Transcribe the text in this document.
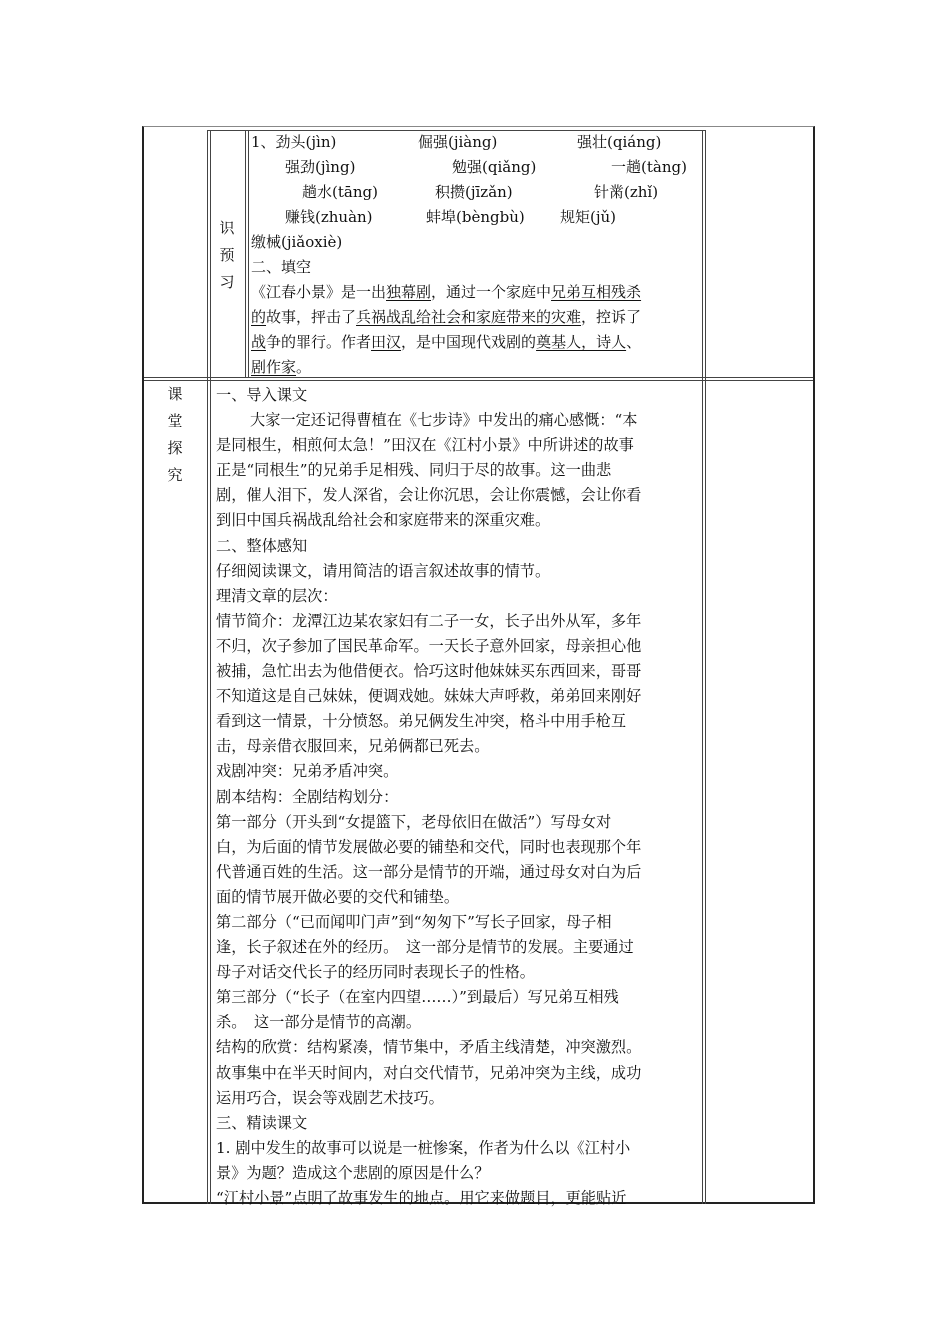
识
预
习
1、劲头(jìn)	倔强(jiàng)	强壮(qiáng)
强劲(jìng)	勉强(qiǎng)	一趟(tàng)
趟水(tāng)	积攒(jīzǎn)	针黹(zhǐ)
赚钱(zhuàn)	蚌埠(bèngbù) 规矩(jǔ)
缴械(jiǎoxiè)
二、填空
《江春小景》是一出独幕剧，通过一个家庭中兄弟互相残杀
的故事，抨击了兵祸战乱给社会和家庭带来的灾难，控诉了
战争的罪行。作者田汉，是中国现代戏剧的奠基人，诗人、
剧作家。
课
堂
探
究
一、导入课文
大家一定还记得曹植在《七步诗》中发出的痛心感慨：“本
是同根生，相煎何太急！”田汉在《江村小景》中所讲述的故事
正是“同根生”的兄弟手足相残、同归于尽的故事。这一曲悲
剧，催人泪下，发人深省，会让你沉思，会让你震憾，会让你看
到旧中国兵祸战乱给社会和家庭带来的深重灾难。
二、整体感知
仔细阅读课文，请用简洁的语言叙述故事的情节。
理清文章的层次：
情节简介：龙潭江边某农家妇有二子一女，长子出外从军，多年
不归，次子参加了国民革命军。一天长子意外回家，母亲担心他
被捕，急忙出去为他借便衣。恰巧这时他妹妹买东西回来，哥哥
不知道这是自己妹妹，便调戏她。妹妹大声呼救，弟弟回来刚好
看到这一情景，十分愤怒。弟兄俩发生冲突，格斗中用手枪互
击，母亲借衣服回来，兄弟俩都已死去。
戏剧冲突：兄弟矛盾冲突。
剧本结构：全剧结构划分：
第一部分（开头到“女提篮下，老母依旧在做活”）写母女对
白，为后面的情节发展做必要的铺垫和交代，同时也表现那个年
代普通百姓的生活。这一部分是情节的开端，通过母女对白为后
面的情节展开做必要的交代和铺垫。
第二部分（“已而闻叩门声”到“匆匆下”写长子回家，母子相
逢，长子叙述在外的经历。　这一部分是情节的发展。主要通过
母子对话交代长子的经历同时表现长子的性格。
第三部分（“长子（在室内四望……）”到最后）写兄弟互相残
杀。　这一部分是情节的高潮。
结构的欣赏：结构紧凑，情节集中，矛盾主线清楚，冲突激烈。
故事集中在半天时间内，对白交代情节，兄弟冲突为主线，成功
运用巧合，误会等戏剧艺术技巧。
三、精读课文
1. 剧中发生的故事可以说是一桩惨案，作者为什么以《江村小
景》为题？造成这个悲剧的原因是什么？
“江村小景”点明了故事发生的地点。用它来做题目，更能贴近
